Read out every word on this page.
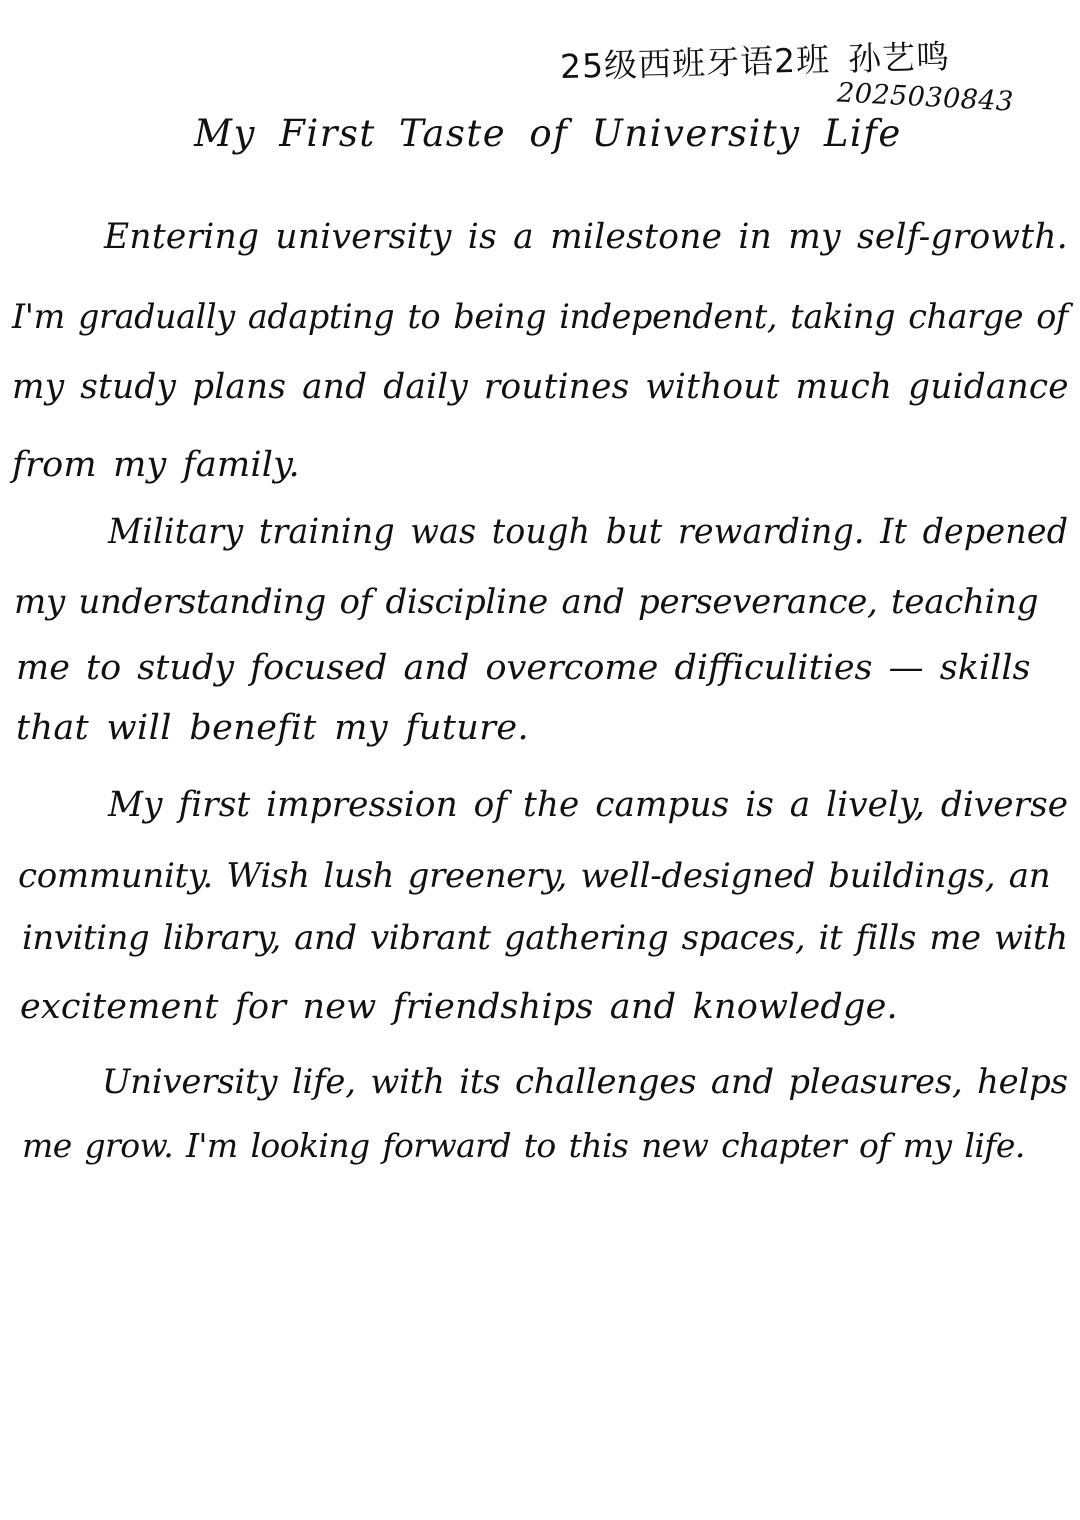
25级西班牙语2班 孙艺鸣
2025030843
My First Taste of University Life
Entering university is a milestone in my self-growth.
I'm gradually adapting to being independent, taking charge of
my study plans and daily routines without much guidance
from my family.
Military training was tough but rewarding. It depened
my understanding of discipline and perseverance, teaching
me to study focused and overcome difficulities — skills
that will benefit my future.
My first impression of the campus is a lively, diverse
community. Wish lush greenery, well-designed buildings, an
inviting library, and vibrant gathering spaces, it fills me with
excitement for new friendships and knowledge.
University life, with its challenges and pleasures, helps
me grow. I'm looking forward to this new chapter of my life.
